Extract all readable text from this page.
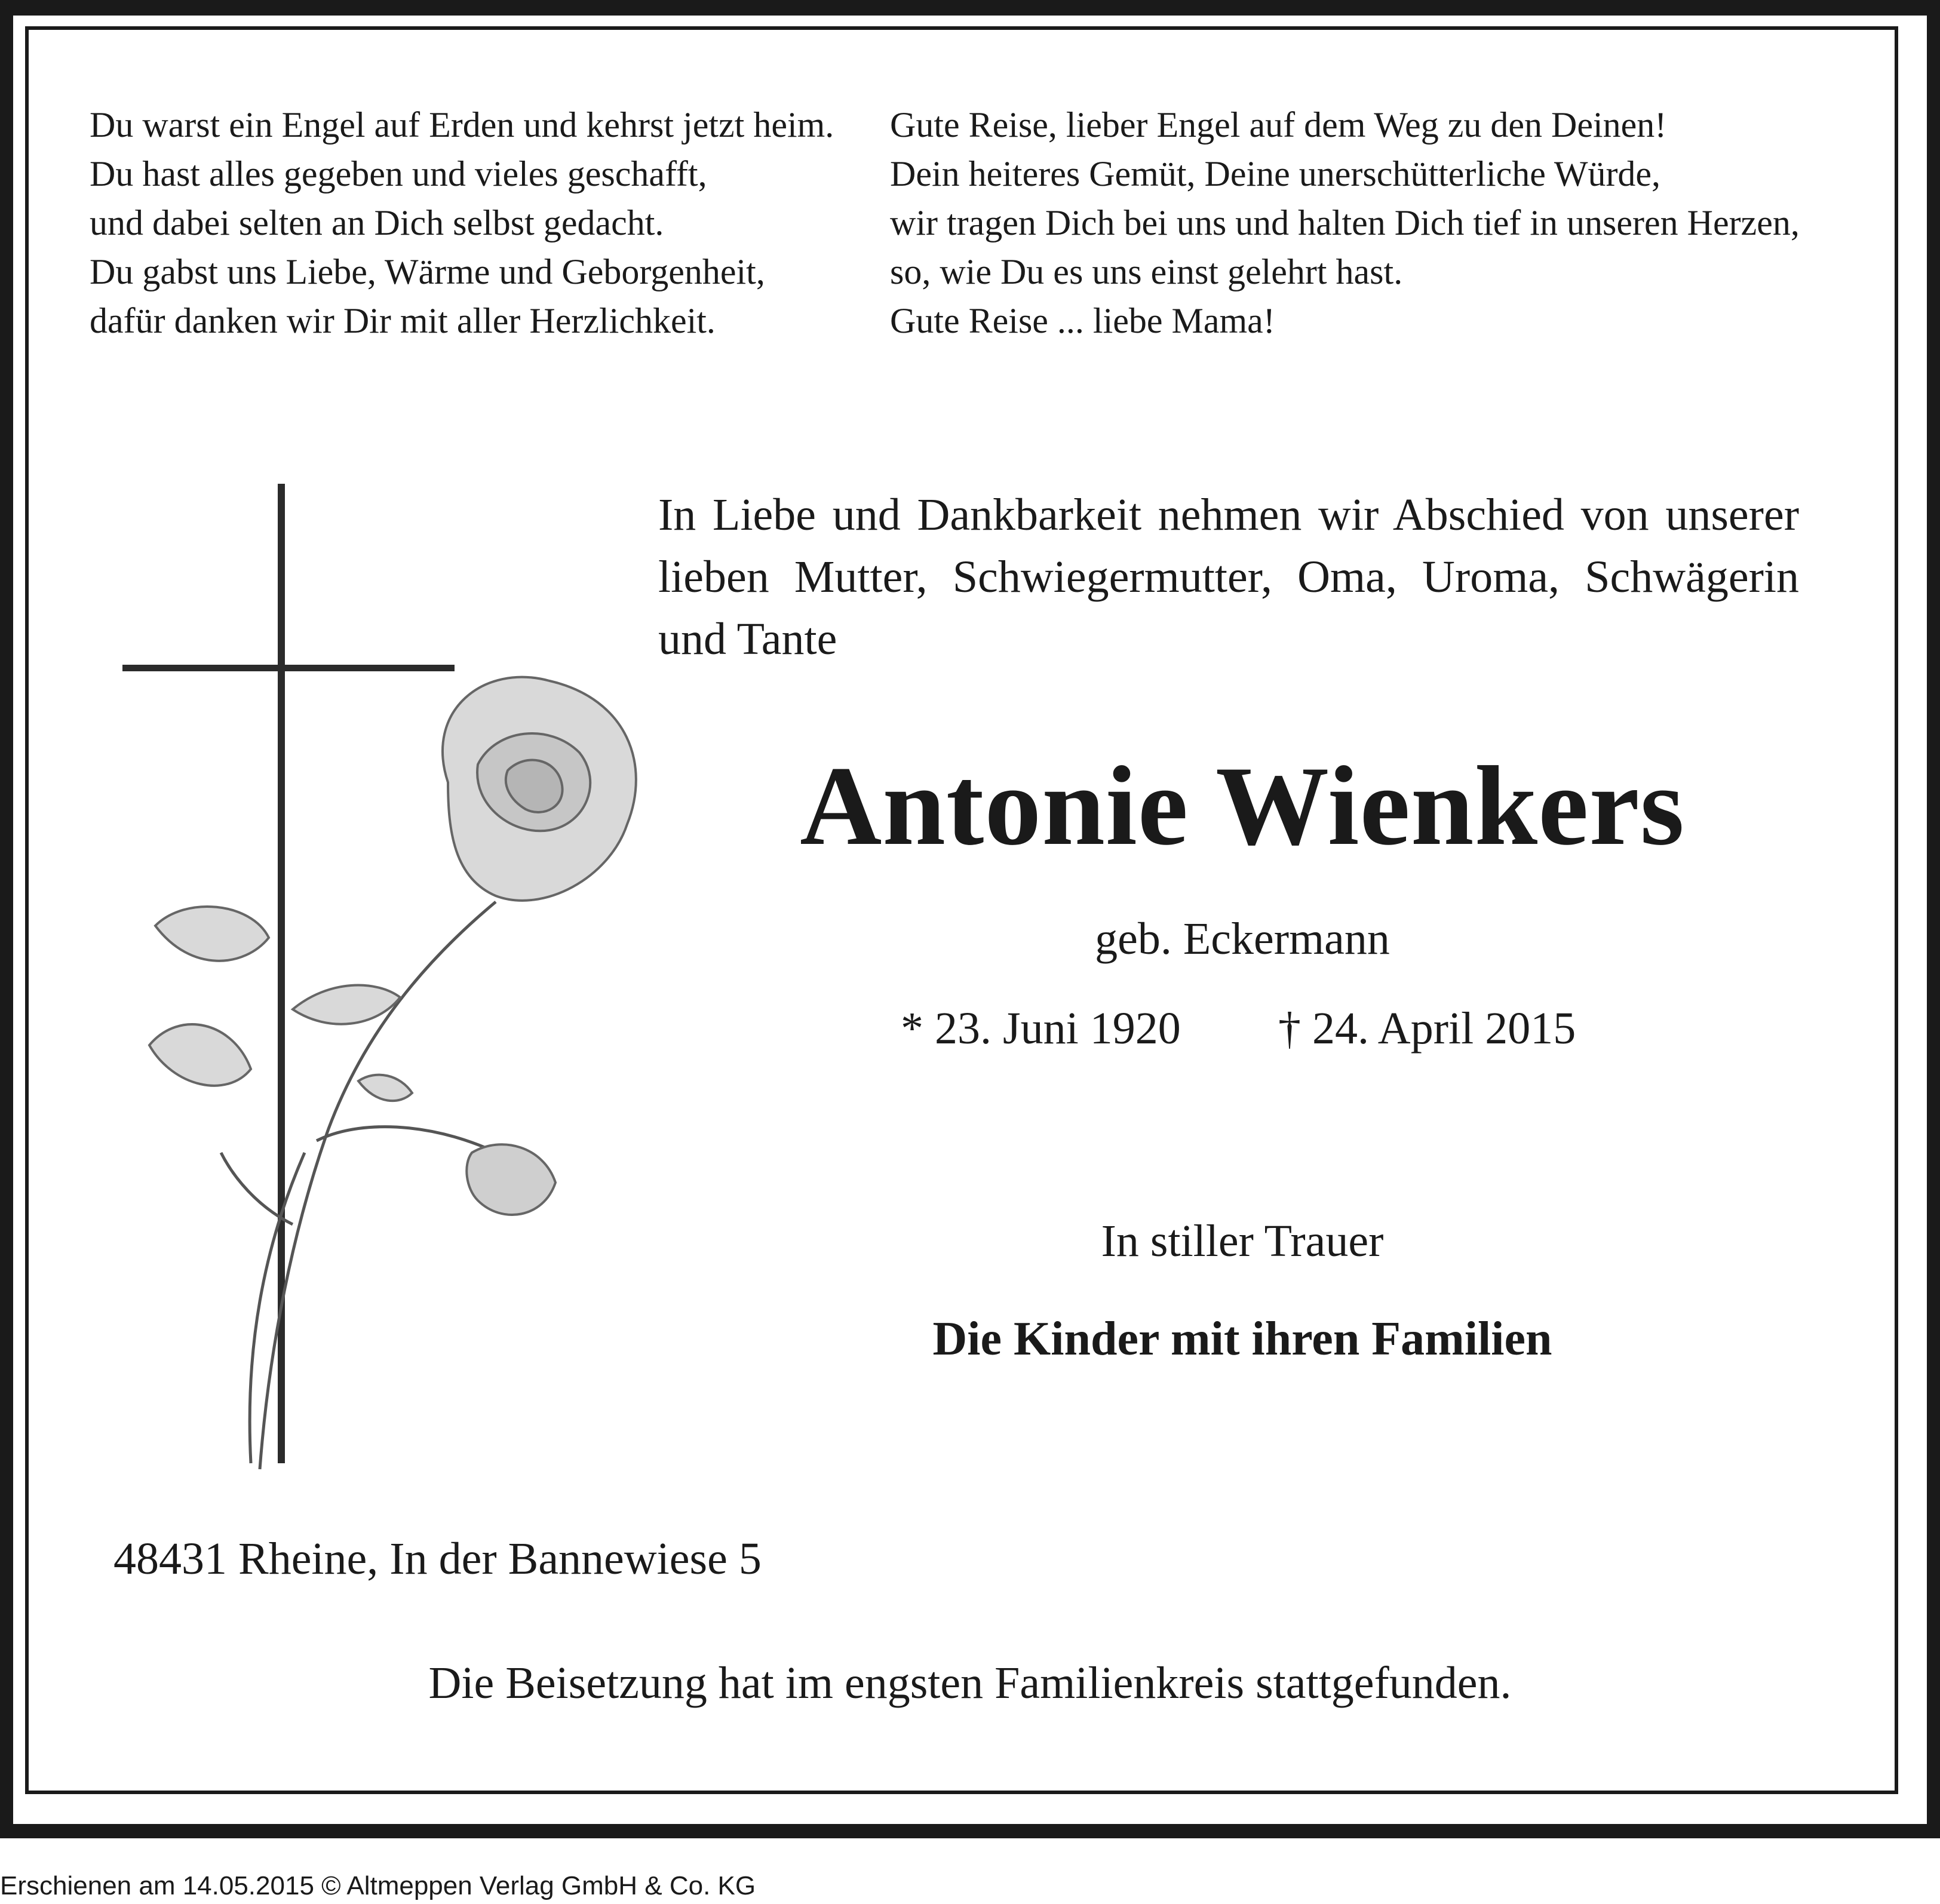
Du warst ein Engel auf Erden und kehrst jetzt heim.
Du hast alles gegeben und vieles geschafft,
und dabei selten an Dich selbst gedacht.
Du gabst uns Liebe, Wärme und Geborgenheit,
dafür danken wir Dir mit aller Herzlichkeit.
Gute Reise, lieber Engel auf dem Weg zu den Deinen!
Dein heiteres Gemüt, Deine unerschütterliche Würde,
wir tragen Dich bei uns und halten Dich tief in unseren Herzen,
so, wie Du es uns einst gelehrt hast.
Gute Reise ... liebe Mama!
In Liebe und Dankbarkeit nehmen wir Abschied von unserer lieben Mutter, Schwiegermutter, Oma, Uroma, Schwägerin und Tante
Antonie Wienkers
geb. Eckermann
* 23. Juni 1920 † 24. April 2015
In stiller Trauer
Die Kinder mit ihren Familien
48431 Rheine, In der Bannewiese 5
Die Beisetzung hat im engsten Familienkreis stattgefunden.
Erschienen am 14.05.2015 © Altmeppen Verlag GmbH & Co. KG
